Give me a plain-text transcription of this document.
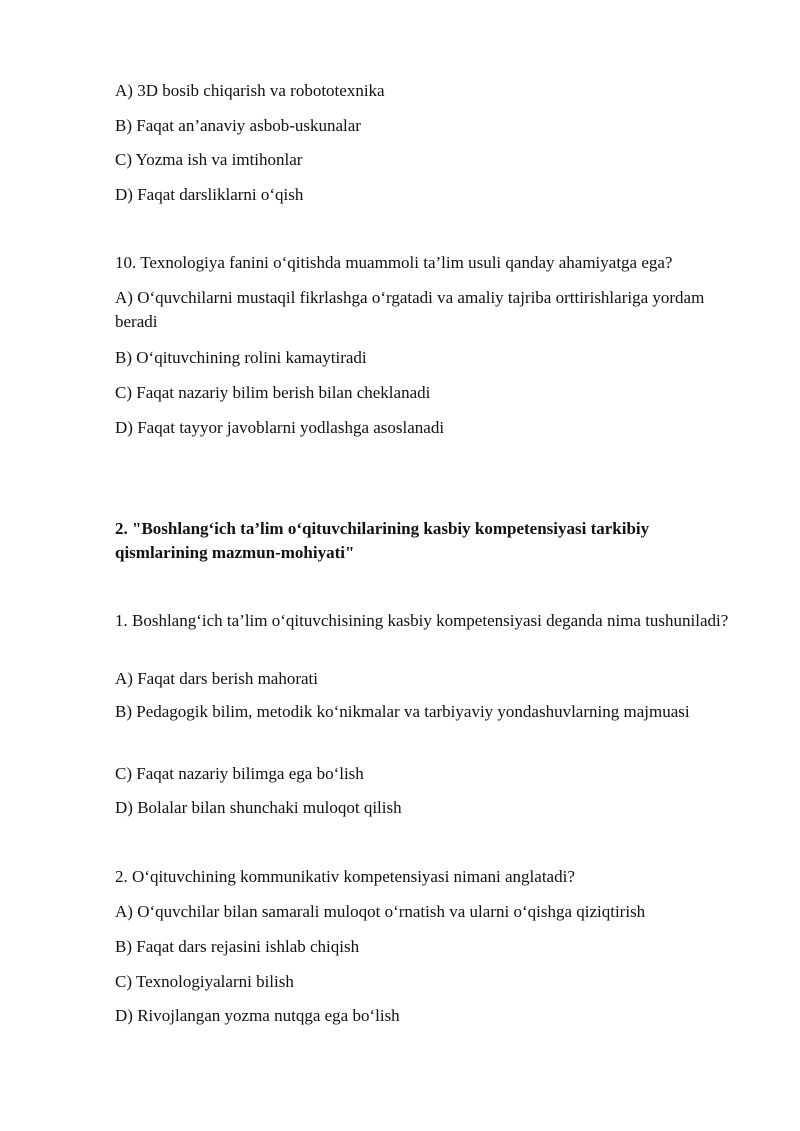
A) 3D bosib chiqarish va robototexnika
B) Faqat an’anaviy asbob-uskunalar
C) Yozma ish va imtihonlar
D) Faqat darsliklarni o‘qish
10. Texnologiya fanini o‘qitishda muammoli ta’lim usuli qanday ahamiyatga ega?
A) O‘quvchilarni mustaqil fikrlashga o‘rgatadi va amaliy tajriba orttirishlariga yordam beradi
B) O‘qituvchining rolini kamaytiradi
C) Faqat nazariy bilim berish bilan cheklanadi
D) Faqat tayyor javoblarni yodlashga asoslanadi
2. "Boshlang‘ich ta’lim o‘qituvchilarining kasbiy kompetensiyasi tarkibiy qismlarining mazmun-mohiyati"
1. Boshlang‘ich ta’lim o‘qituvchisining kasbiy kompetensiyasi deganda nima tushuniladi?
A) Faqat dars berish mahorati
B) Pedagogik bilim, metodik ko‘nikmalar va tarbiyaviy yondashuvlarning majmuasi
C) Faqat nazariy bilimga ega bo‘lish
D) Bolalar bilan shunchaki muloqot qilish
2. O‘qituvchining kommunikativ kompetensiyasi nimani anglatadi?
A) O‘quvchilar bilan samarali muloqot o‘rnatish va ularni o‘qishga qiziqtirish
B) Faqat dars rejasini ishlab chiqish
C) Texnologiyalarni bilish
D) Rivojlangan yozma nutqga ega bo‘lish
